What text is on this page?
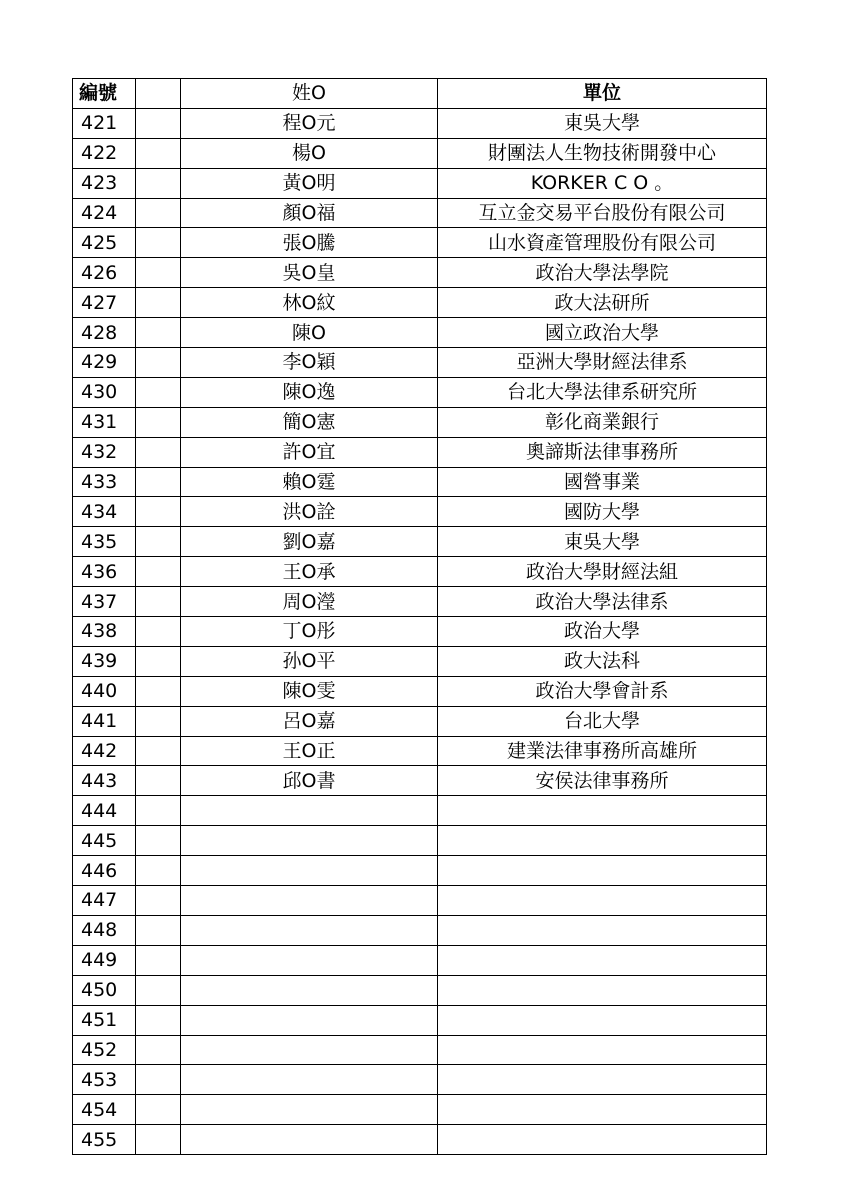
編號		姓O	單位
421		程O元	東吳大學
422		楊O	財團法人生物技術開發中心
423		黃O明	KORKER C O 。
424		顏O福	互立金交易平台股份有限公司
425		張O騰	山水資產管理股份有限公司
426		吳O皇	政治大學法學院
427		林O紋	政大法研所
428		陳O	國立政治大學
429		李O穎	亞洲大學財經法律系
430		陳O逸	台北大學法律系研究所
431		簡O憲	彰化商業銀行
432		許O宜	奧諦斯法律事務所
433		賴O霆	國營事業
434		洪O詮	國防大學
435		劉O嘉	東吳大學
436		王O承	政治大學財經法組
437		周O瀅	政治大學法律系
438		丁O彤	政治大學
439		孙O平	政大法科
440		陳O雯	政治大學會計系
441		呂O嘉	台北大學
442		王O正	建業法律事務所高雄所
443		邱O書	安侯法律事務所
444			
445			
446			
447			
448			
449			
450			
451			
452			
453			
454			
455			
